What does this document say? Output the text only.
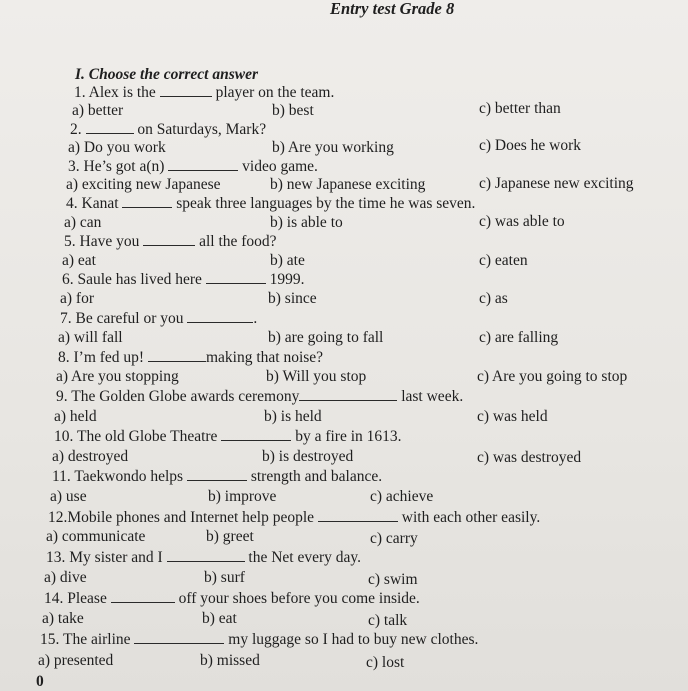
Entry test Grade 8
I. Choose the correct answer
1. Alex is the	player on the team.
a) better	b) best	c) better than
2.	on Saturdays, Mark?
a) Do you work	b) Are you working	c) Does he work
3. He’s got a(n)	video game.
a) exciting new Japanese	b) new Japanese exciting	c) Japanese new exciting
4. Kanat	speak three languages by the time he was seven.
a) can	b) is able to	c) was able to
5. Have you	all the food?
a) eat	b) ate	c) eaten
6. Saule has lived here	1999.
a) for	b) since	c) as
7. Be careful or you	.
a) will fall	b) are going to fall	c) are falling
8. I’m fed up!	making that noise?
a) Are you stopping	b) Will you stop	c) Are you going to stop
9. The Golden Globe awards ceremony	last week.
a) held	b) is held	c) was held
10. The old Globe Theatre	by a fire in 1613.
a) destroyed	b) is destroyed	c) was destroyed
11. Taekwondo helps	strength and balance.
a) use	b) improve	c) achieve
12.Mobile phones and Internet help people	with each other easily.
a) communicate	b) greet	c) carry
13. My sister and I	the Net every day.
a) dive	b) surf	c) swim
14. Please	off your shoes before you come inside.
a) take	b) eat	c) talk
15. The airline	my luggage so I had to buy new clothes.
a) presented	b) missed	c) lost
0
